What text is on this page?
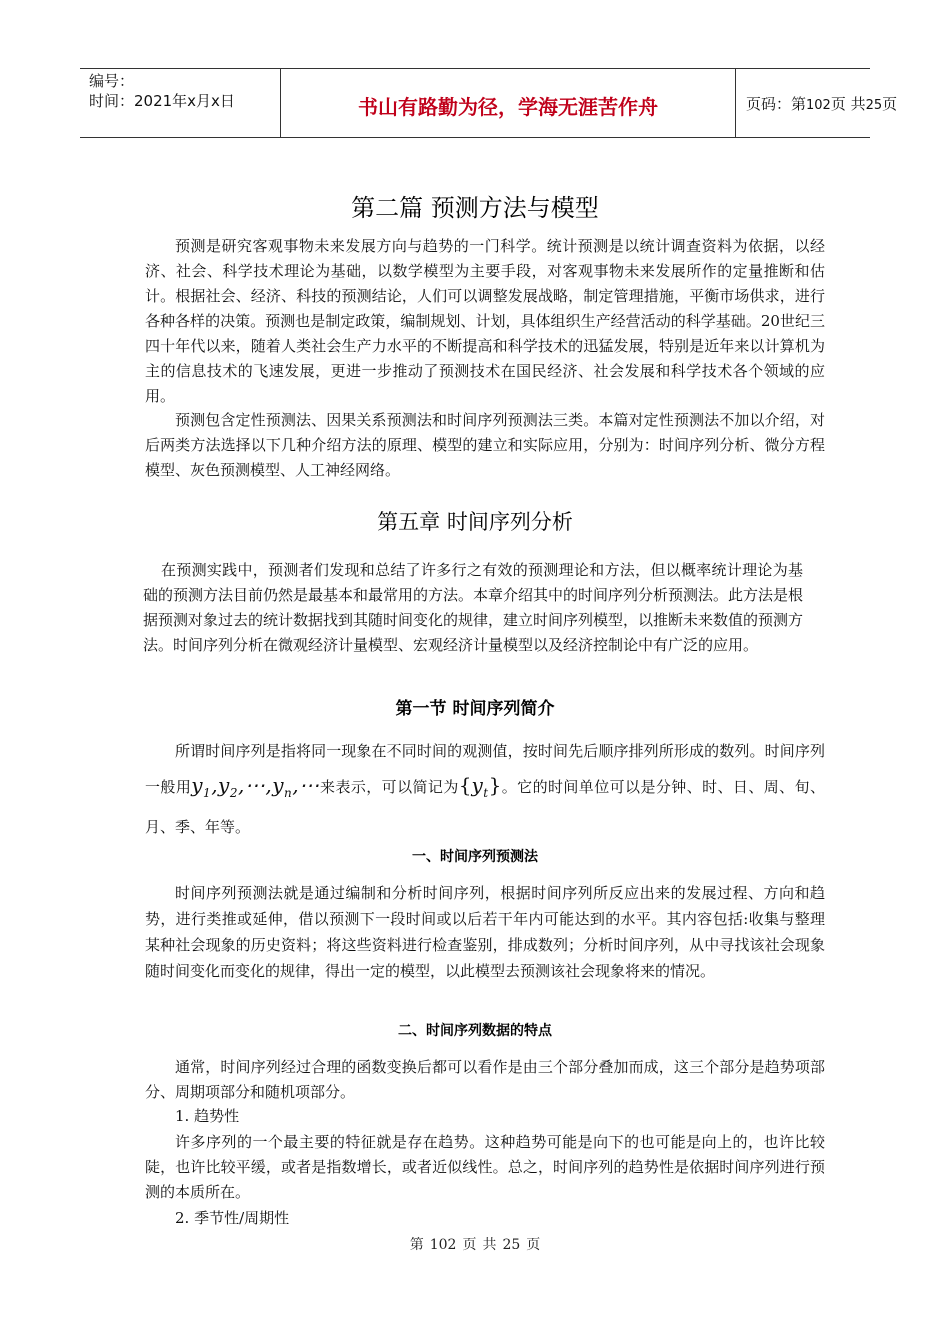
编号：
时间：2021年x月x日	书山有路勤为径，学海无涯苦作舟	页码：第102页 共25页
第二篇 预测方法与模型

预测是研究客观事物未来发展方向与趋势的一门科学。统计预测是以统计调查资料为依据，以经济、社会、科学技术理论为基础，以数学模型为主要手段，对客观事物未来发展所作的定量推断和估计。根据社会、经济、科技的预测结论，人们可以调整发展战略，制定管理措施，平衡市场供求，进行各种各样的决策。预测也是制定政策，编制规划、计划，具体组织生产经营活动的科学基础。20世纪三四十年代以来，随着人类社会生产力水平的不断提高和科学技术的迅猛发展，特别是近年来以计算机为主的信息技术的飞速发展，更进一步推动了预测技术在国民经济、社会发展和科学技术各个领域的应用。

预测包含定性预测法、因果关系预测法和时间序列预测法三类。本篇对定性预测法不加以介绍，对后两类方法选择以下几种介绍方法的原理、模型的建立和实际应用，分别为：时间序列分析、微分方程模型、灰色预测模型、人工神经网络。

第五章 时间序列分析

在预测实践中，预测者们发现和总结了许多行之有效的预测理论和方法，但以概率统计理论为基础的预测方法目前仍然是最基本和最常用的方法。本章介绍其中的时间序列分析预测法。此方法是根据预测对象过去的统计数据找到其随时间变化的规律，建立时间序列模型，以推断未来数值的预测方法。时间序列分析在微观经济计量模型、宏观经济计量模型以及经济控制论中有广泛的应用。

第一节 时间序列简介

所谓时间序列是指将同一现象在不同时间的观测值，按时间先后顺序排列所形成的数列。时间序列一般用$y_1,y_2,\cdots,y_n,\cdots$来表示，可以简记为$\{y_t\}$。它的时间单位可以是分钟、时、日、周、旬、月、季、年等。

一、时间序列预测法

时间序列预测法就是通过编制和分析时间序列，根据时间序列所反应出来的发展过程、方向和趋势，进行类推或延伸，借以预测下一段时间或以后若干年内可能达到的水平。其内容包括:收集与整理某种社会现象的历史资料；将这些资料进行检查鉴别，排成数列；分析时间序列，从中寻找该社会现象随时间变化而变化的规律，得出一定的模型，以此模型去预测该社会现象将来的情况。

二、时间序列数据的特点

通常，时间序列经过合理的函数变换后都可以看作是由三个部分叠加而成，这三个部分是趋势项部分、周期项部分和随机项部分。

1. 趋势性

许多序列的一个最主要的特征就是存在趋势。这种趋势可能是向下的也可能是向上的，也许比较陡，也许比较平缓，或者是指数增长，或者近似线性。总之，时间序列的趋势性是依据时间序列进行预测的本质所在。

2. 季节性/周期性
第 102 页 共 25 页
